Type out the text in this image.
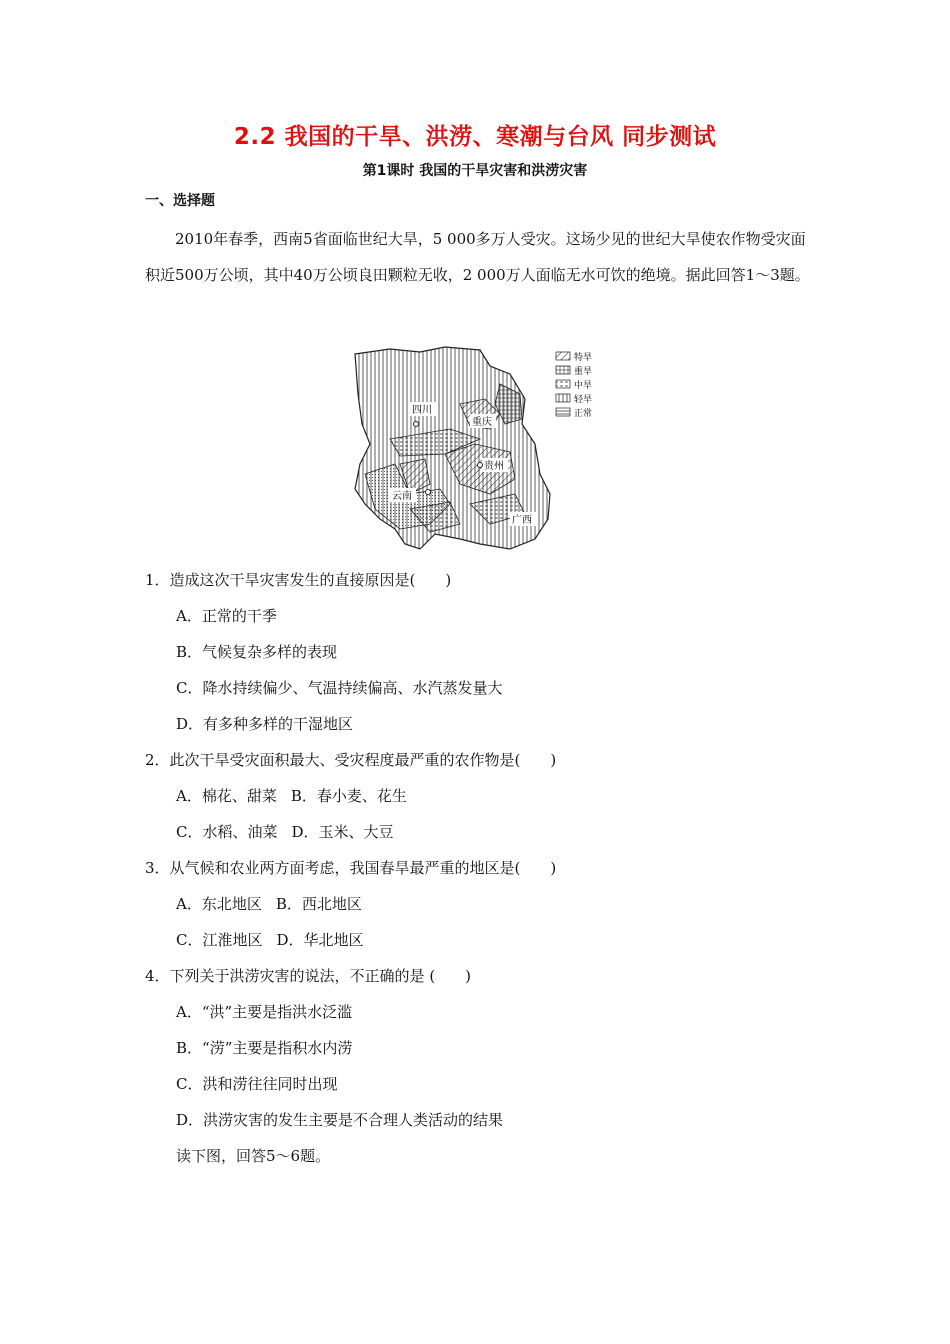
2.2 我国的干旱、洪涝、寒潮与台风 同步测试
第1课时 我国的干旱灾害和洪涝灾害
一、选择题
2010年春季，西南5省面临世纪大旱，5 000多万人受灾。这场少见的世纪大旱使农作物受灾面积近500万公顷，其中40万公顷良田颗粒无收，2 000万人面临无水可饮的绝境。据此回答1～3题。
四川
重庆
贵州
云南
广西
特旱
重旱
中旱
轻旱
正常
1．造成这次干旱灾害发生的直接原因是(　　)
A．正常的干季
B．气候复杂多样的表现
C．降水持续偏少、气温持续偏高、水汽蒸发量大
D．有多种多样的干湿地区
2．此次干旱受灾面积最大、受灾程度最严重的农作物是(　　)
A．棉花、甜菜 B．春小麦、花生
C．水稻、油菜 D．玉米、大豆
3．从气候和农业两方面考虑，我国春旱最严重的地区是(　　)
A．东北地区 B．西北地区
C．江淮地区 D．华北地区
4．下列关于洪涝灾害的说法，不正确的是 (　　)
A．“洪”主要是指洪水泛滥
B．“涝”主要是指积水内涝
C．洪和涝往往同时出现
D．洪涝灾害的发生主要是不合理人类活动的结果
读下图，回答5～6题。
